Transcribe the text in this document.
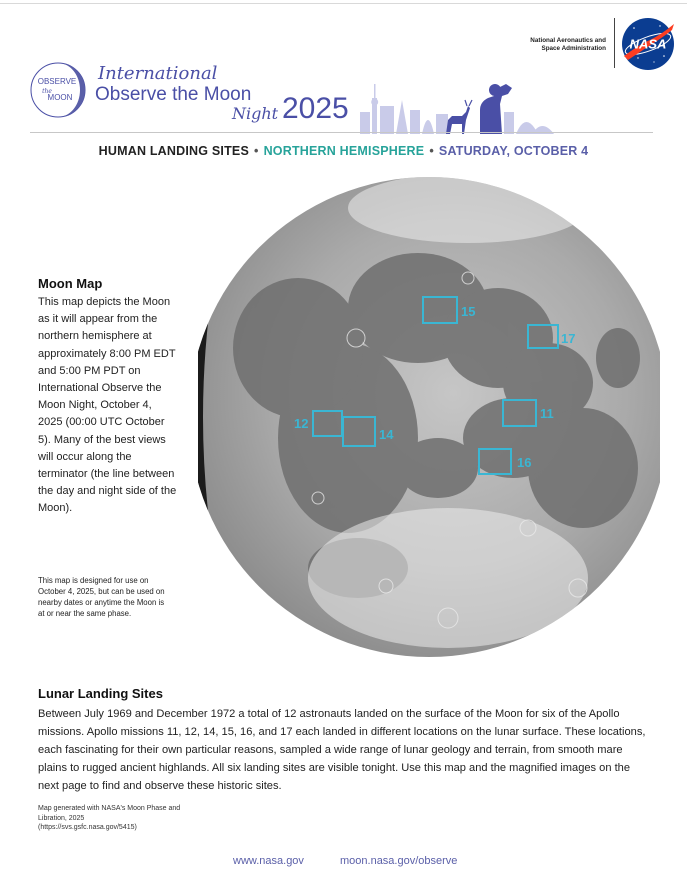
National Aeronautics and
Space Administration NASA
OBSERVE
the
MOON
International
Observe the Moon
Night 2025
HUMAN LANDING SITES • NORTHERN HEMISPHERE • SATURDAY, OCTOBER 4
15
17
11
12
14
16
Moon Map
This map depicts the Moon as it will appear from the northern hemisphere at approximately 8:00 PM EDT and 5:00 PM PDT on International Observe the Moon Night, October 4, 2025 (00:00 UTC October 5). Many of the best views will occur along the terminator (the line between the day and night side of the Moon).
This map is designed for use on October 4, 2025, but can be used on nearby dates or anytime the Moon is at or near the same phase.
Lunar Landing Sites
Between July 1969 and December 1972 a total of 12 astronauts landed on the surface of the Moon for six of the Apollo missions. Apollo missions 11, 12, 14, 15, 16, and 17 each landed in different locations on the lunar surface. These locations, each fascinating for their own particular reasons, sampled a wide range of lunar geology and terrain, from smooth mare plains to rugged ancient highlands. All six landing sites are visible tonight. Use this map and the magnified images on the next page to find and observe these historic sites.
Map generated with NASA's Moon Phase and
Libration, 2025
(https://svs.gsfc.nasa.gov/5415)
www.nasa.gov	moon.nasa.gov/observe
